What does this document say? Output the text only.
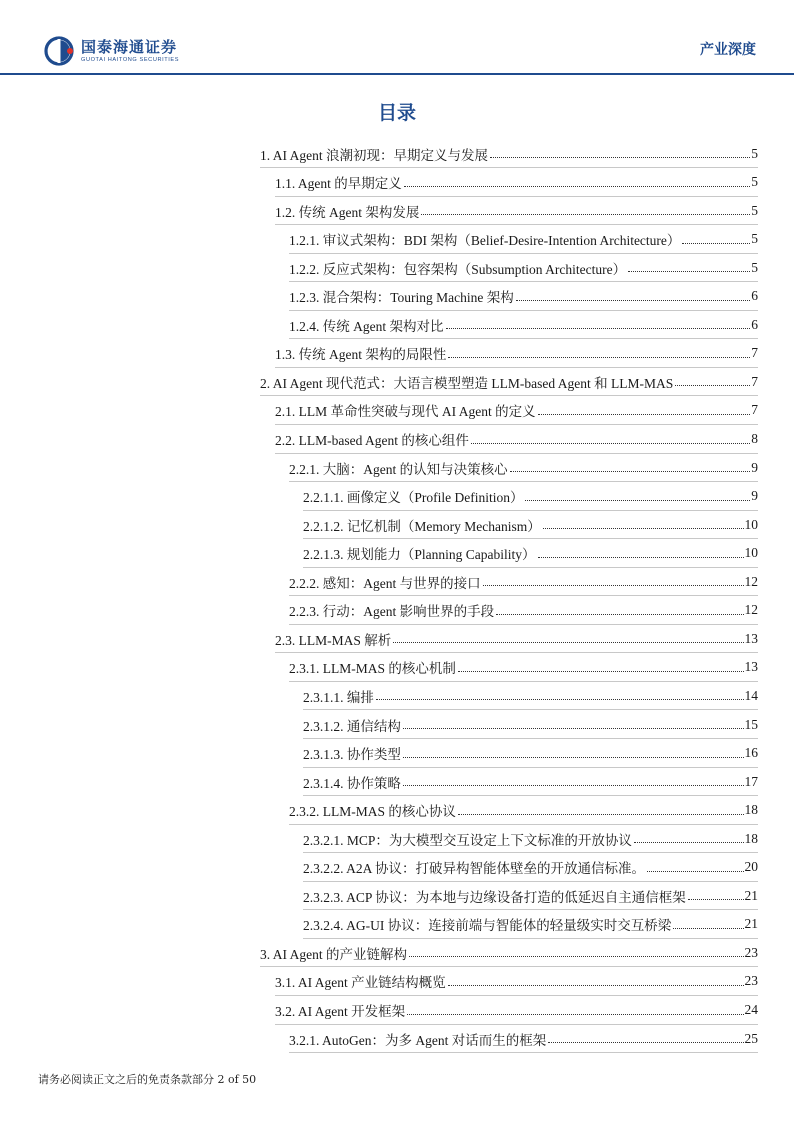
国泰海通证券
GUOTAI HAITONG SECURITIES
产业深度
目录
1. AI Agent 浪潮初现：早期定义与发展	5
1.1. Agent 的早期定义	5
1.2. 传统 Agent 架构发展	5
1.2.1. 审议式架构：BDI 架构（Belief-Desire-Intention Architecture）	5
1.2.2. 反应式架构：包容架构（Subsumption Architecture）	5
1.2.3. 混合架构：Touring Machine 架构	6
1.2.4. 传统 Agent 架构对比	6
1.3. 传统 Agent 架构的局限性	7
2. AI Agent 现代范式：大语言模型塑造 LLM-based Agent 和 LLM-MAS	7
2.1. LLM 革命性突破与现代 AI Agent 的定义	7
2.2. LLM-based Agent 的核心组件	8
2.2.1. 大脑：Agent 的认知与决策核心	9
2.2.1.1. 画像定义（Profile Definition）	9
2.2.1.2. 记忆机制（Memory Mechanism）	10
2.2.1.3. 规划能力（Planning Capability）	10
2.2.2. 感知：Agent 与世界的接口	12
2.2.3. 行动：Agent 影响世界的手段	12
2.3. LLM-MAS 解析	13
2.3.1. LLM-MAS 的核心机制	13
2.3.1.1. 编排	14
2.3.1.2. 通信结构	15
2.3.1.3. 协作类型	16
2.3.1.4. 协作策略	17
2.3.2. LLM-MAS 的核心协议	18
2.3.2.1. MCP：为大模型交互设定上下文标准的开放协议	18
2.3.2.2. A2A 协议：打破异构智能体壁垒的开放通信标准。	20
2.3.2.3. ACP 协议：为本地与边缘设备打造的低延迟自主通信框架	21
2.3.2.4. AG-UI 协议：连接前端与智能体的轻量级实时交互桥梁	21
3. AI Agent 的产业链解构	23
3.1. AI Agent 产业链结构概览	23
3.2. AI Agent 开发框架	24
3.2.1. AutoGen：为多 Agent 对话而生的框架	25
请务必阅读正文之后的免责条款部分 2 of 50
